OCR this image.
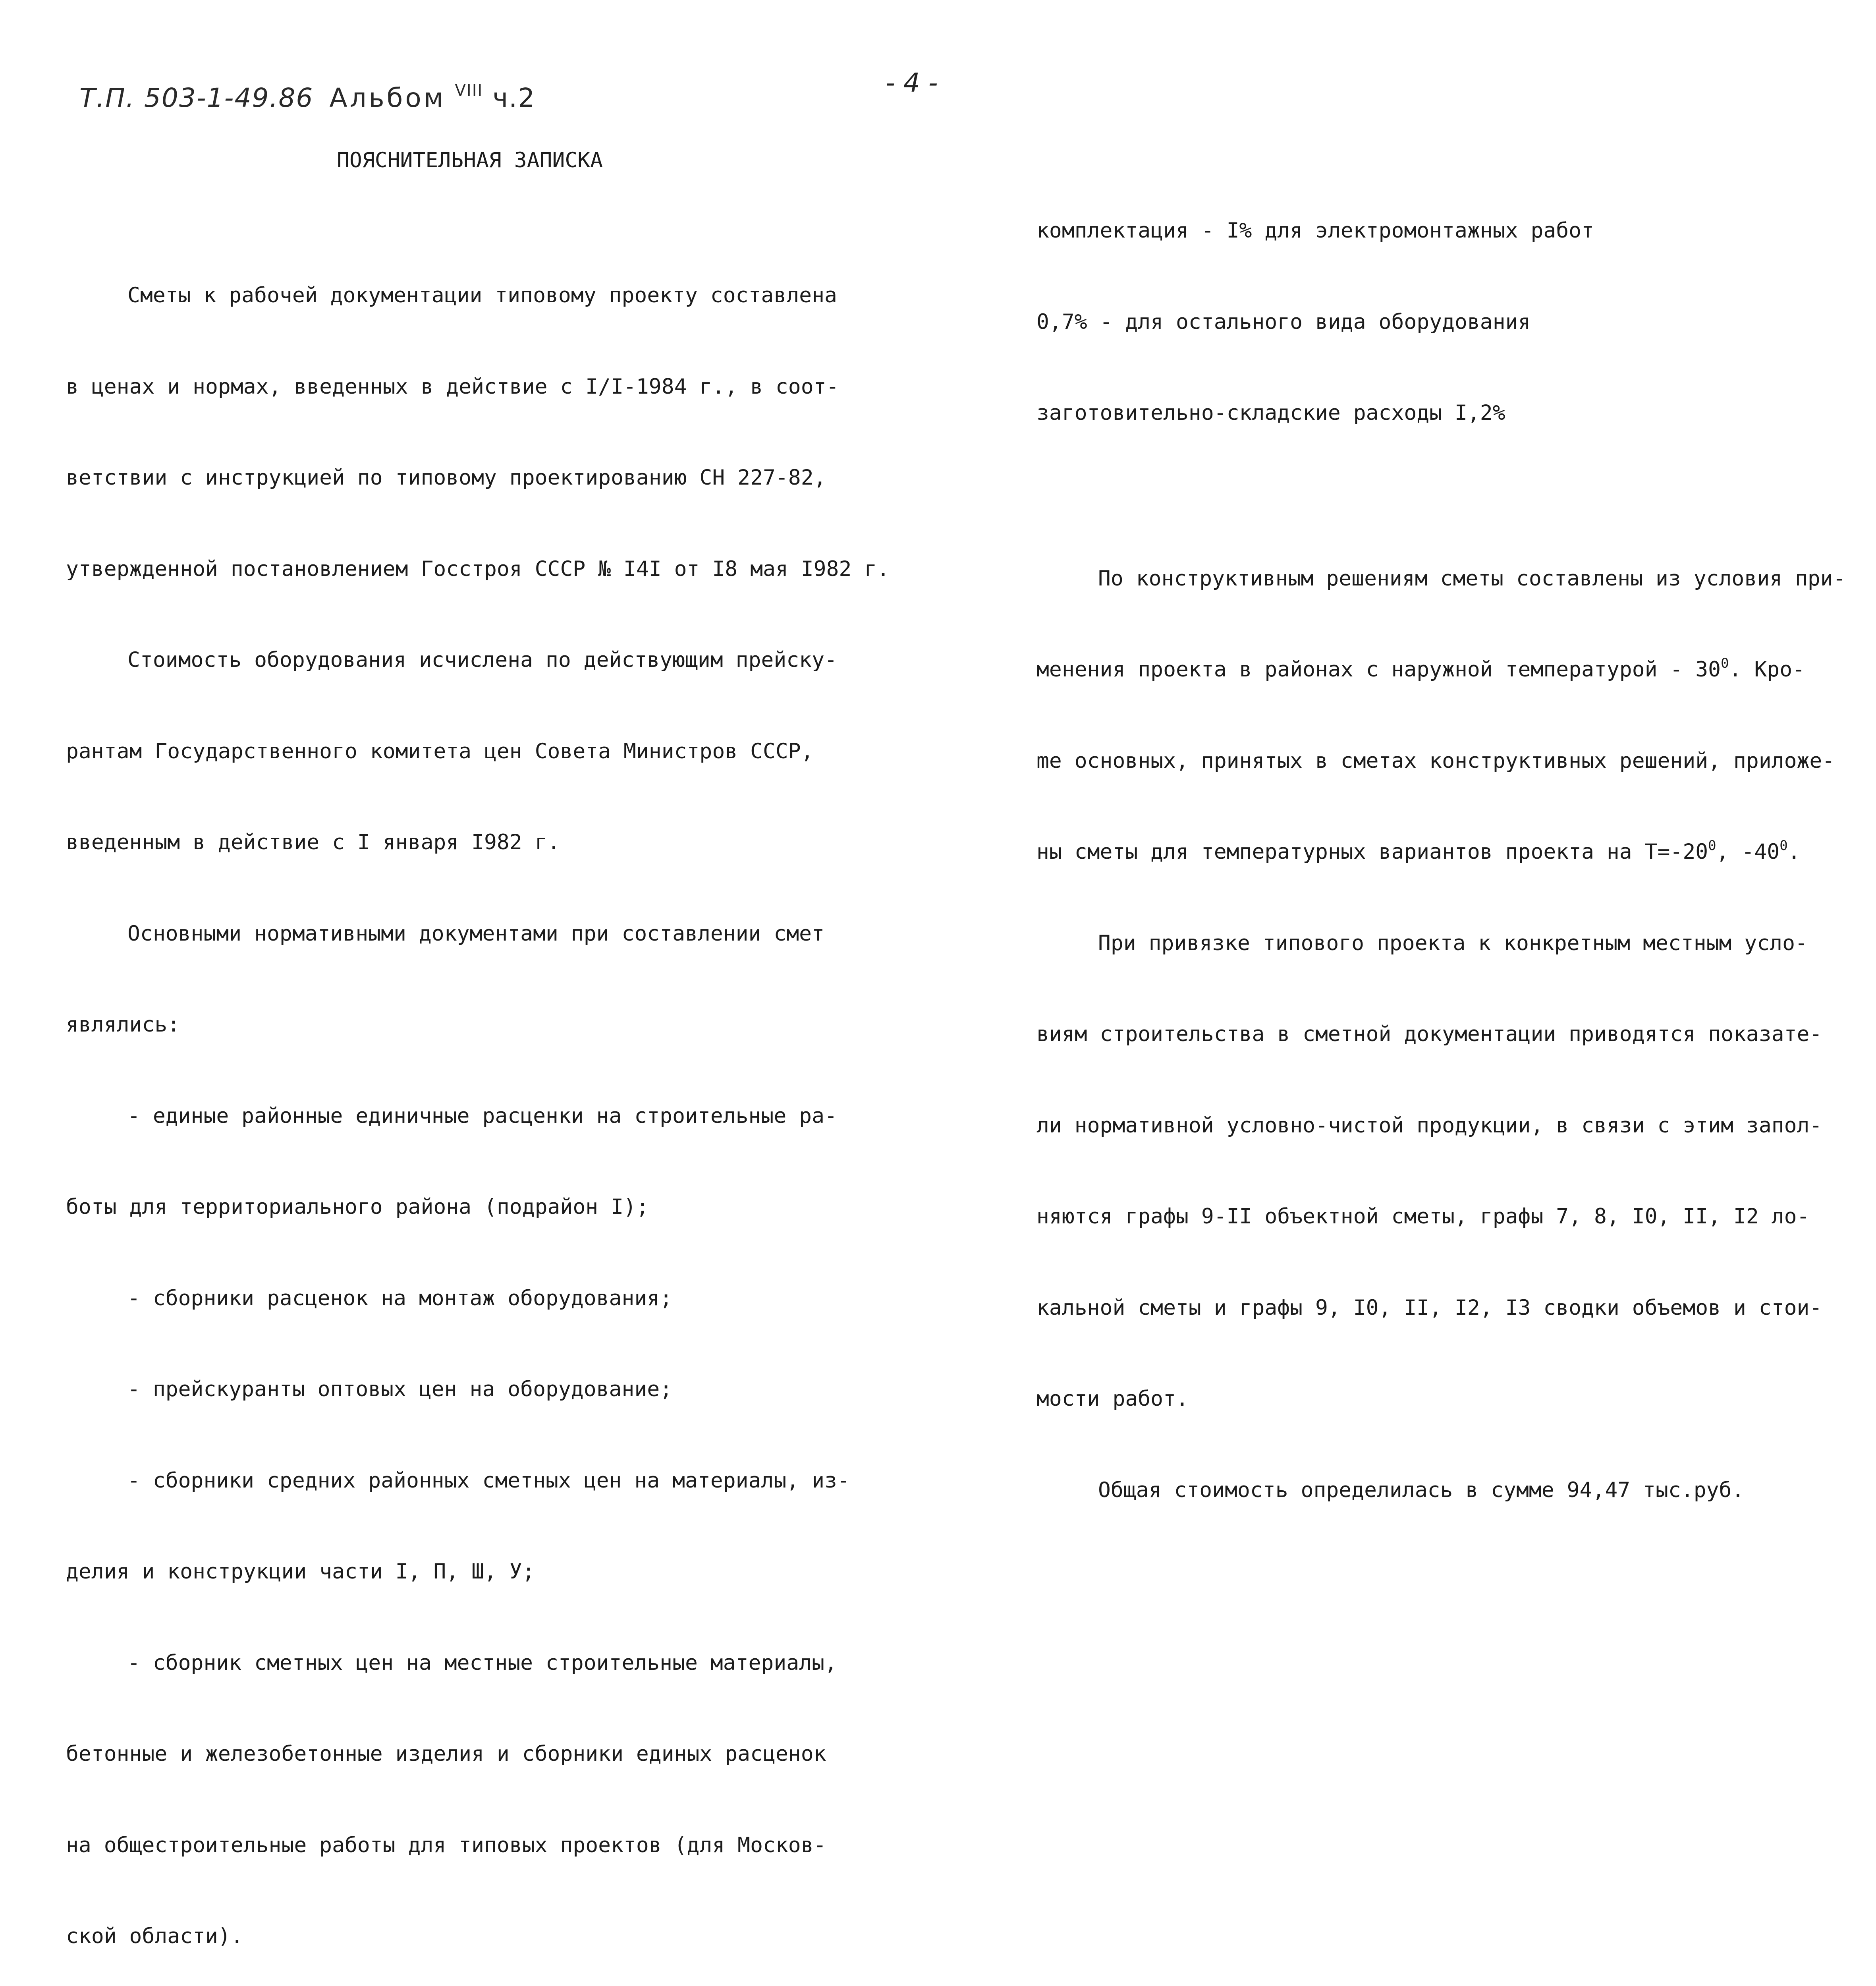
Т.П. 503-1-49.86 Альбом $^{VIII}$ ч.2	- 4 -
ПОЯСНИТЕЛЬНАЯ ЗАПИСКА

Сметы к рабочей документации типовому проекту составлена

в ценах и нормах, введенных в действие с I/I-1984 г., в соот-

ветствии с инструкцией по типовому проектированию СН 227-82,

утвержденной постановлением Госстроя СССР № I4I от I8 мая I982 г.

Стоимость оборудования исчислена по действующим прейску-

рантам Государственного комитета цен Совета Министров СССР,

введенным в действие с I января I982 г.

Основными нормативными документами при составлении смет

являлись:

- единые районные единичные расценки на строительные ра-

боты для территориального района (подрайон I);

- сборники расценок на монтаж оборудования;

- прейскуранты оптовых цен на оборудование;

- сборники средних районных сметных цен на материалы, из-

делия и конструкции части I, П, Ш, У;

- сборник сметных цен на местные строительные материалы,

бетонные и железобетонные изделия и сборники единых расценок

на общестроительные работы для типовых проектов (для Москов-

ской области).

комплектация - I% для электромонтажных работ

0,7% - для остального вида оборудования

заготовительно-складские расходы I,2%

По конструктивным решениям сметы составлены из условия при-

менения проекта в районах с наружной температурой - $30^0$. Кро-

me основных, принятых в сметах конструктивных решений, приложе-

ны сметы для температурных вариантов проекта на $Т=-20^0$, $-40^0$.

При привязке типового проекта к конкретным местным усло-

виям строительства в сметной документации приводятся показате-

ли нормативной условно-чистой продукции, в связи с этим запол-

няются графы 9-II объектной сметы, графы 7, 8, I0, II, I2 ло-

кальной сметы и графы 9, I0, II, I2, I3 сводки объемов и стои-

мости работ.

Общая стоимость определилась в сумме 94,47 тыс.руб.
